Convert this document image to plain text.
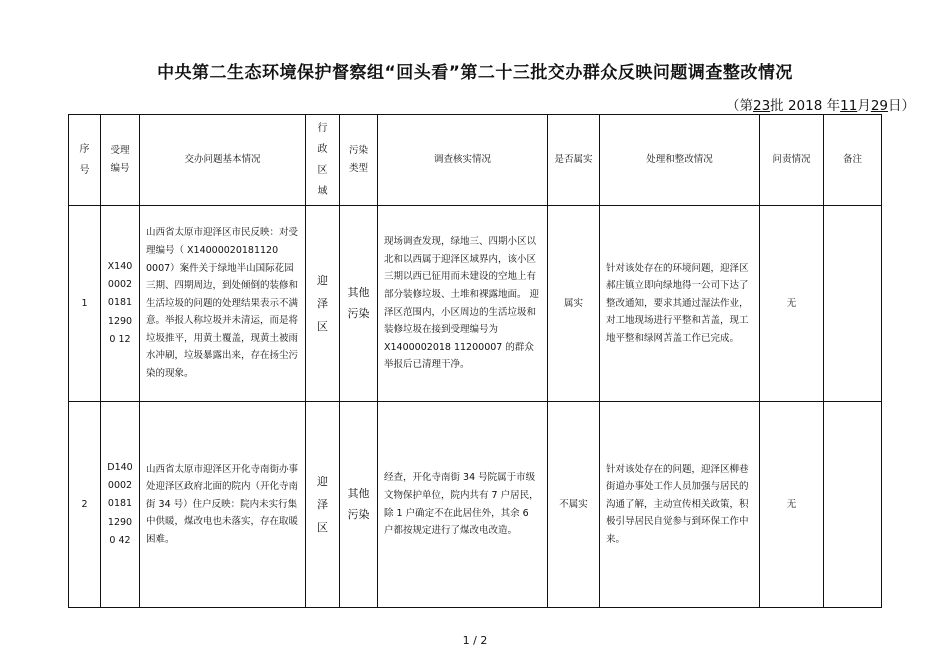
中央第二生态环境保护督察组“回头看”第二十三批交办群众反映问题调查整改情况
（第23批 2018 年11月29日）
序号	受理编号	交办问题基本情况	行政区域	污染类型	调查核实情况	是否属实	处理和整改情况	问责情况	备注
1	X1400002018112900 12	山西省太原市迎泽区市民反映：对受理编号（ X14000020181120 0007）案件关于绿地半山国际花园三期、四期周边，到处倾倒的装修和生活垃圾的问题的处理结果表示不满意。举报人称垃圾并未清运，而是将垃圾推平，用黄土覆盖，现黄土被雨水冲刷，垃圾暴露出来，存在扬尘污染的现象。	迎泽区	其他污染	现场调查发现，绿地三、四期小区以北和以西属于迎泽区域界内，该小区三期以西已征用而未建设的空地上有部分装修垃圾、土堆和裸露地面。 迎泽区范围内，小区周边的生活垃圾和装修垃圾在接到受理编号为 X1400002018 11200007 的群众举报后已清理干净。	属实	针对该处存在的环境问题，迎泽区郝庄镇立即向绿地得一公司下达了整改通知，要求其通过湿法作业，对工地现场进行平整和苫盖，现工地平整和绿网苫盖工作已完成。	无	
2	D1400002018112900 42	山西省太原市迎泽区开化寺南街办事处迎泽区政府北面的院内（开化寺南街 34 号）住户反映：院内未实行集中供暖，煤改电也未落实，存在取暖困难。	迎泽区	其他污染	经查，开化寺南街 34 号院属于市级文物保护单位，院内共有 7 户居民，除 1 户确定不在此居住外，其余 6 户都按规定进行了煤改电改造。	不属实	针对该处存在的问题，迎泽区柳巷街道办事处工作人员加强与居民的沟通了解，主动宣传相关政策，积极引导居民自觉参与到环保工作中来。	无	
1 / 2
